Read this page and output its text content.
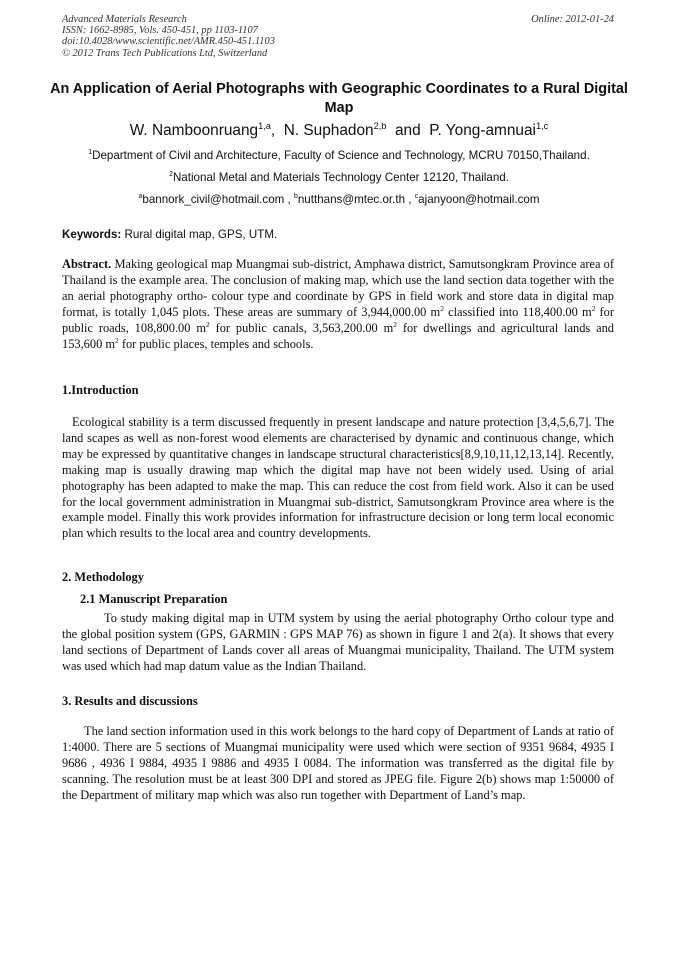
Advanced Materials Research
ISSN: 1662-8985, Vols. 450-451, pp 1103-1107
doi:10.4028/www.scientific.net/AMR.450-451.1103
© 2012 Trans Tech Publications Ltd, Switzerland
Online: 2012-01-24
An Application of Aerial Photographs with Geographic Coordinates to a Rural Digital Map
W. Namboonruang$^{1,a}$,  N. Suphadon$^{2,b}$  and  P. Yong-amnuai$^{1,c}$
$^1$Department of Civil and Architecture, Faculty of Science and Technology, MCRU 70150,Thailand.
$^2$National Metal and Materials Technology Center 12120, Thailand.
$^a$bannork_civil@hotmail.com , $^b$nutthans@mtec.or.th , $^c$ajanyoon@hotmail.com
Keywords: Rural digital map, GPS, UTM.

Abstract. Making geological map Muangmai sub-district, Amphawa district, Samutsongkram Province area of Thailand is the example area. The conclusion of making map, which use the land section data together with the an aerial photography ortho- colour type and coordinate by GPS in field work and store data in digital map format, is totally 1,045 plots. These areas are summary of 3,944,000.00 $m^2$ classified into 118,400.00 $m^2$ for public roads, 108,800.00 $m^2$ for public canals, 3,563,200.00 $m^2$ for dwellings and agricultural lands and 153,600 $m^2$ for public places, temples and schools.

1.Introduction

Ecological stability is a term discussed frequently in present landscape and nature protection [3,4,5,6,7]. The land scapes as well as non-forest wood elements are characterised by dynamic and continuous change, which may be expressed by quantitative changes in landscape structural characteristics[8,9,10,11,12,13,14]. Recently, making map is usually drawing map which the digital map have not been widely used. Using of arial photography has been adapted to make the map. This can reduce the cost from field work. Also it can be used for the local government administration in Muangmai sub-district, Samutsongkram Province area where is the example model. Finally this work provides information for infrastructure decision or long term local economic plan which results to the local area and country developments.

2. Methodology
2.1 Manuscript Preparation

To study making digital map in UTM system by using the aerial photography Ortho colour type and the global position system (GPS, GARMIN : GPS MAP 76) as shown in figure 1 and 2(a). It shows that every land sections of Department of Lands cover all areas of Muangmai municipality, Thailand. The UTM system was used which had map datum value as the Indian Thailand.

3. Results and discussions

The land section information used in this work belongs to the hard copy of Department of Lands at ratio of 1:4000. There are 5 sections of Muangmai municipality were used which were section of 9351 9684, 4935 I 9686 , 4936 I 9884, 4935 I 9886 and 4935 I 0084. The information was transferred as the digital file by scanning. The resolution must be at least 300 DPI and stored as JPEG file. Figure 2(b) shows map 1:50000 of the Department of military map which was also run together with Department of Land’s map.
